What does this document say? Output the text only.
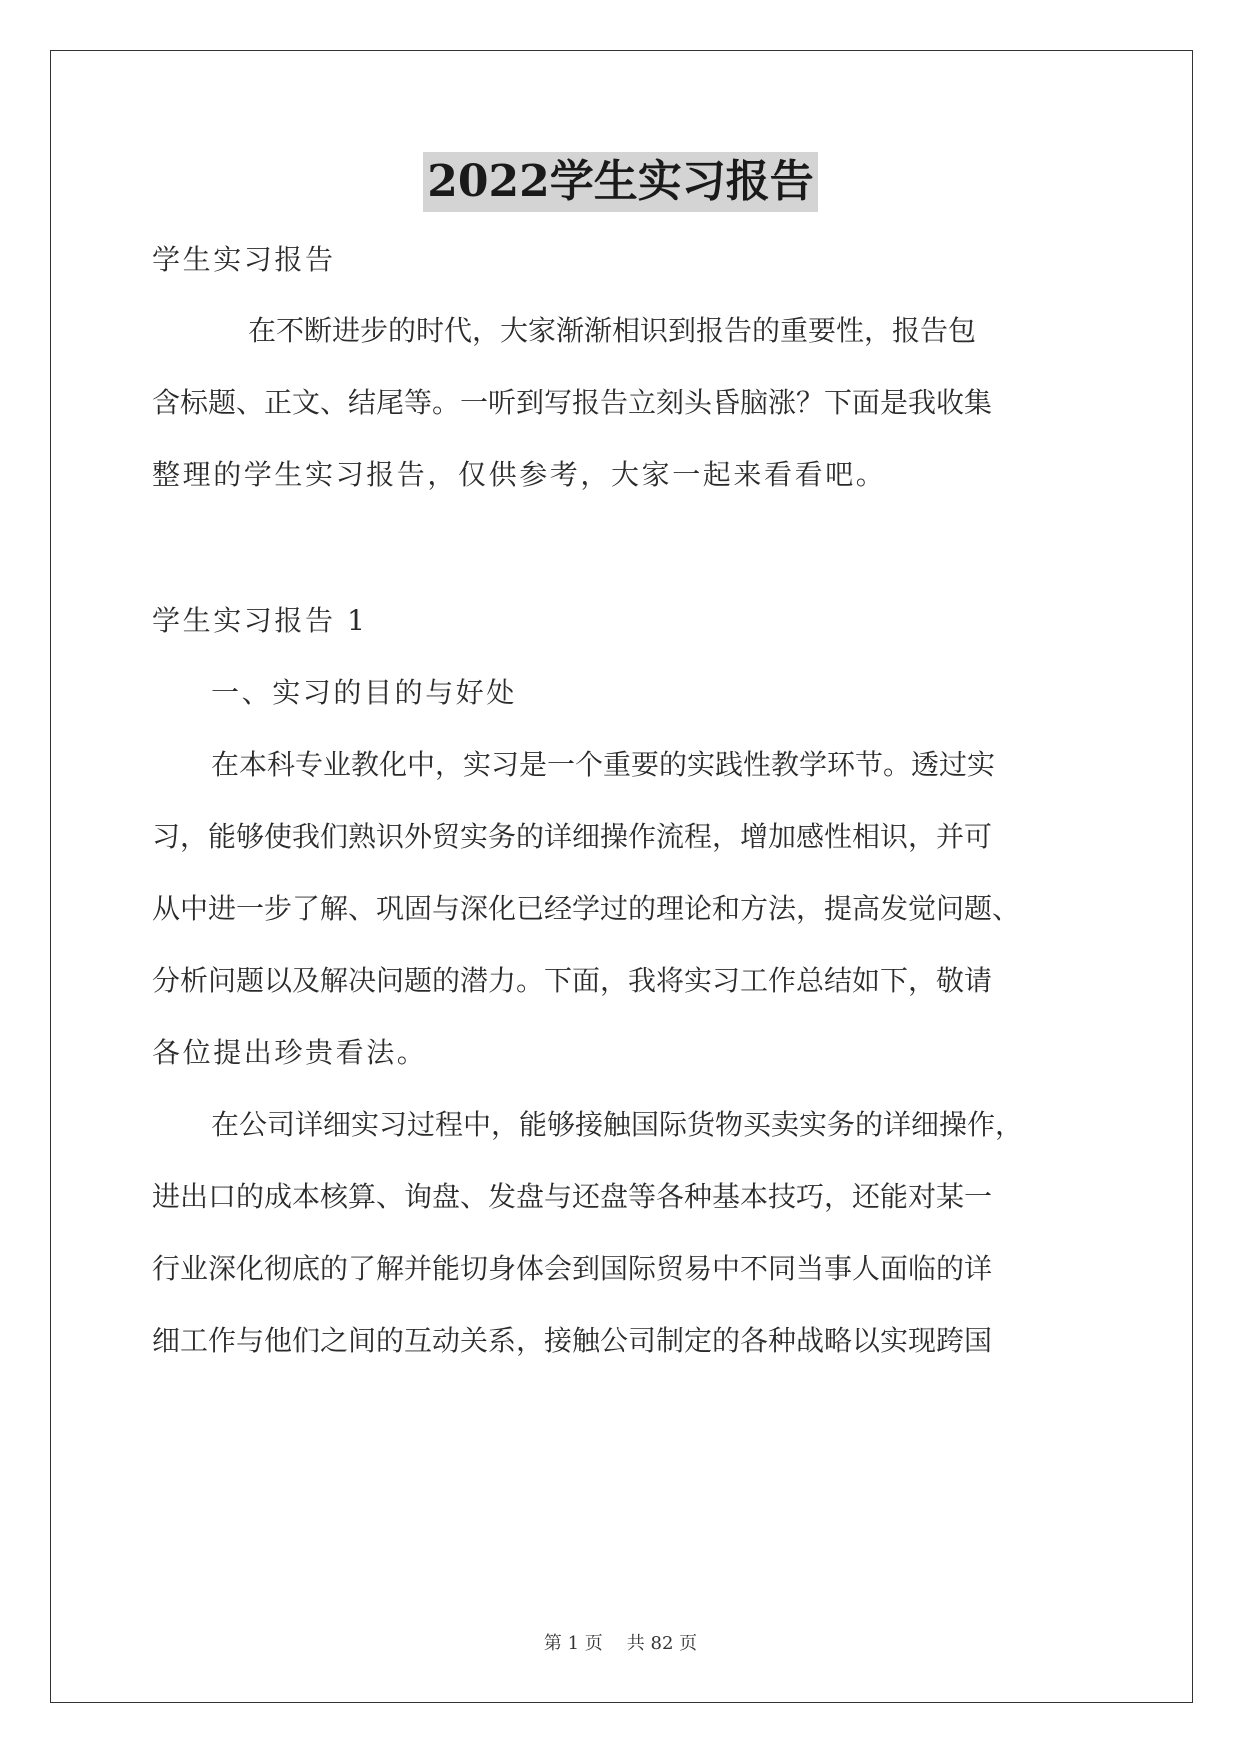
2022学生实习报告
学生实习报告
在不断进步的时代，大家渐渐相识到报告的重要性，报告包
含标题、正文、结尾等。一听到写报告立刻头昏脑涨？下面是我收集
整理的学生实习报告，仅供参考，大家一起来看看吧。
学生实习报告 1
一、实习的目的与好处
在本科专业教化中，实习是一个重要的实践性教学环节。透过实
习，能够使我们熟识外贸实务的详细操作流程，增加感性相识，并可
从中进一步了解、巩固与深化已经学过的理论和方法，提高发觉问题、
分析问题以及解决问题的潜力。下面，我将实习工作总结如下，敬请
各位提出珍贵看法。
在公司详细实习过程中，能够接触国际货物买卖实务的详细操作，
进出口的成本核算、询盘、发盘与还盘等各种基本技巧，还能对某一
行业深化彻底的了解并能切身体会到国际贸易中不同当事人面临的详
细工作与他们之间的互动关系，接触公司制定的各种战略以实现跨国
第 1 页 共 82 页
